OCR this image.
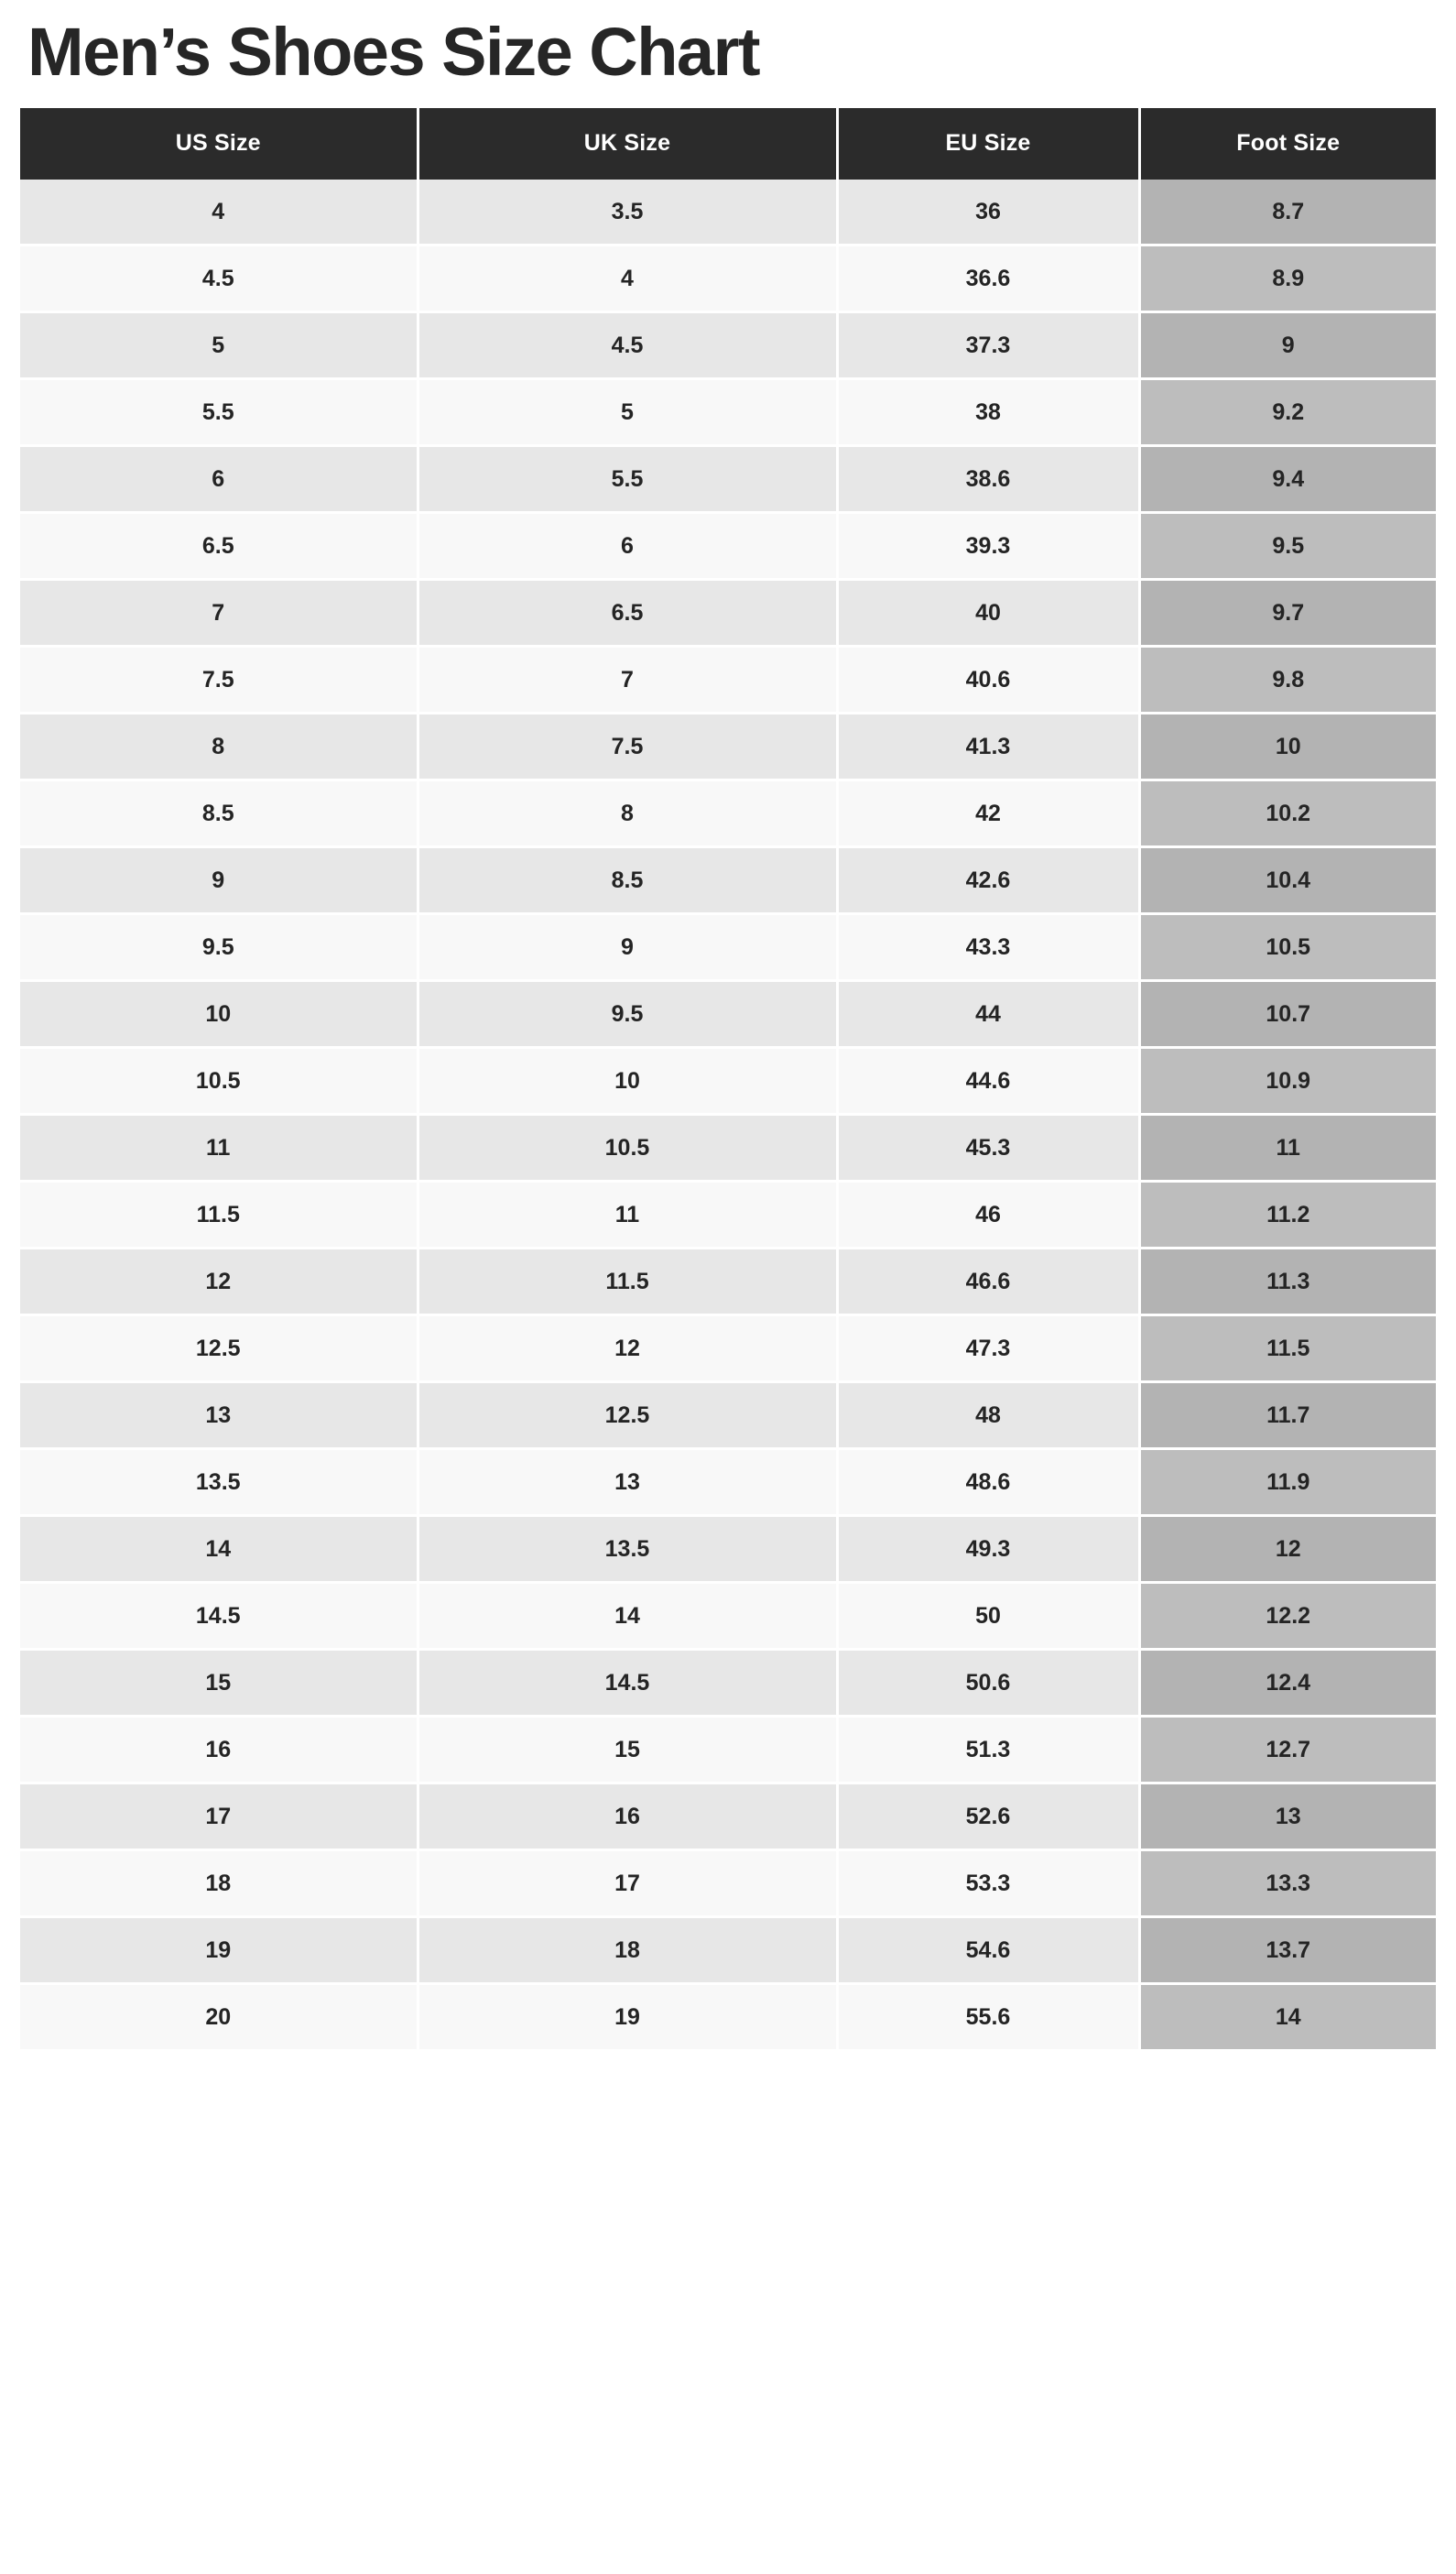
Men’s Shoes Size Chart
US Size	UK Size	EU Size	Foot Size
4	3.5	36	8.7
4.5	4	36.6	8.9
5	4.5	37.3	9
5.5	5	38	9.2
6	5.5	38.6	9.4
6.5	6	39.3	9.5
7	6.5	40	9.7
7.5	7	40.6	9.8
8	7.5	41.3	10
8.5	8	42	10.2
9	8.5	42.6	10.4
9.5	9	43.3	10.5
10	9.5	44	10.7
10.5	10	44.6	10.9
11	10.5	45.3	11
11.5	11	46	11.2
12	11.5	46.6	11.3
12.5	12	47.3	11.5
13	12.5	48	11.7
13.5	13	48.6	11.9
14	13.5	49.3	12
14.5	14	50	12.2
15	14.5	50.6	12.4
16	15	51.3	12.7
17	16	52.6	13
18	17	53.3	13.3
19	18	54.6	13.7
20	19	55.6	14
